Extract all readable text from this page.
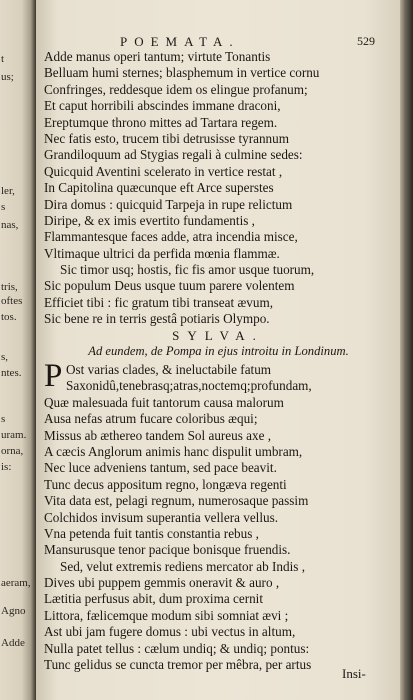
t
us;
ler,
s
nas,
tris,
oftes
tos.
s,
ntes.
s
uram.
orna,
is:
aeram,
Agno
Adde
POEMATA.	529
Adde manus operi tantum; virtute Tonantis
Belluam humi sternes; blasphemum in vertice cornu
Confringes, reddesque idem os elingue profanum;
Et caput horribili abscindes immane draconi,
Ereptumque throno mittes ad Tartara regem.
Nec fatis esto, trucem tibi detrusisse tyrannum
Grandiloquum ad Stygias regali à culmine sedes:
Quicquid Aventini scelerato in vertice restat ,
In Capitolina quæcunque eft Arce superstes
Dira domus : quicquid Tarpeja in rupe relictum
Diripe, & ex imis evertito fundamentis ,
Flammantesque faces adde, atra incendia misce,
Vltimaque ultrici da perfida mœnia flammæ.
Sic timor usq; hostis, fic fis amor usque tuorum,
Sic populum Deus usque tuum parere volentem
Efficiet tibi : fic gratum tibi transeat ævum,
Sic bene re in terris gestâ potiaris Olympo.
SYLVA.
Ad eundem, de Pompa in ejus introitu in Londinum.
P Ost varias clades, & ineluctabile fatum
Saxonidû,tenebrasq;atras,noctemq;profundam,
Quæ malesuada fuit tantorum causa malorum
Ausa nefas atrum fucare coloribus æqui;
Missus ab æthereo tandem Sol aureus axe ,
A cæcis Anglorum animis hanc dispulit umbram,
Nec luce adveniens tantum, sed pace beavit.
Tunc decus appositum regno, longæva regenti
Vita data est, pelagi regnum, numerosaque passim
Colchidos invisum superantia vellera vellus.
Vna petenda fuit tantis constantia rebus ,
Mansurusque tenor pacique bonisque fruendis.
Sed, velut extremis rediens mercator ab Indis ,
Dives ubi puppem gemmis oneravit & auro ,
Lætitia perfusus abit, dum proxima cernit
Littora, fælicemque modum sibi somniat ævi ;
Ast ubi jam fugere domus : ubi vectus in altum,
Nulla patet tellus : cælum undiq; & undiq; pontus:
Tunc gelidus se cuncta tremor per mêbra, per artus
Insi-
